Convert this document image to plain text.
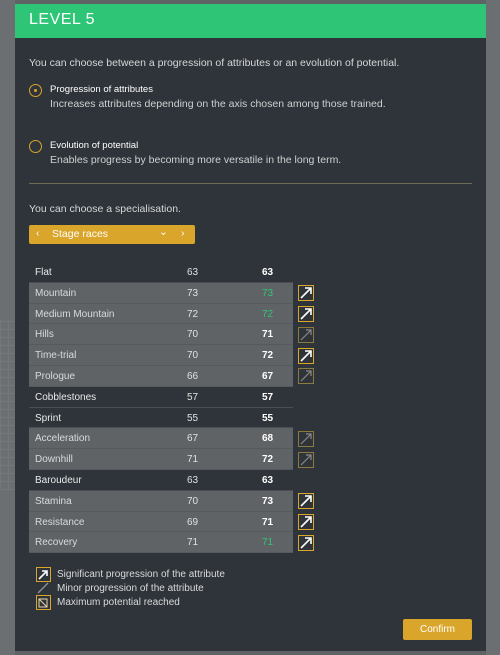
LEVEL 5
You can choose between a progression of attributes or an evolution of potential.
Progression of attributes
Increases attributes depending on the axis chosen among those trained.
Evolution of potential
Enables progress by becoming more versatile in the long term.
You can choose a specialisation.
‹ Stage races	⌄ ›
Flat	63	63
Mountain	73	73
Medium Mountain	72	72
Hills	70	71
Time-trial	70	72
Prologue	66	67
Cobblestones	57	57
Sprint	55	55
Acceleration	67	68
Downhill	71	72
Baroudeur	63	63
Stamina	70	73
Resistance	69	71
Recovery	71	71
Significant progression of the attribute
Minor progression of the attribute
Maximum potential reached
Confirm
